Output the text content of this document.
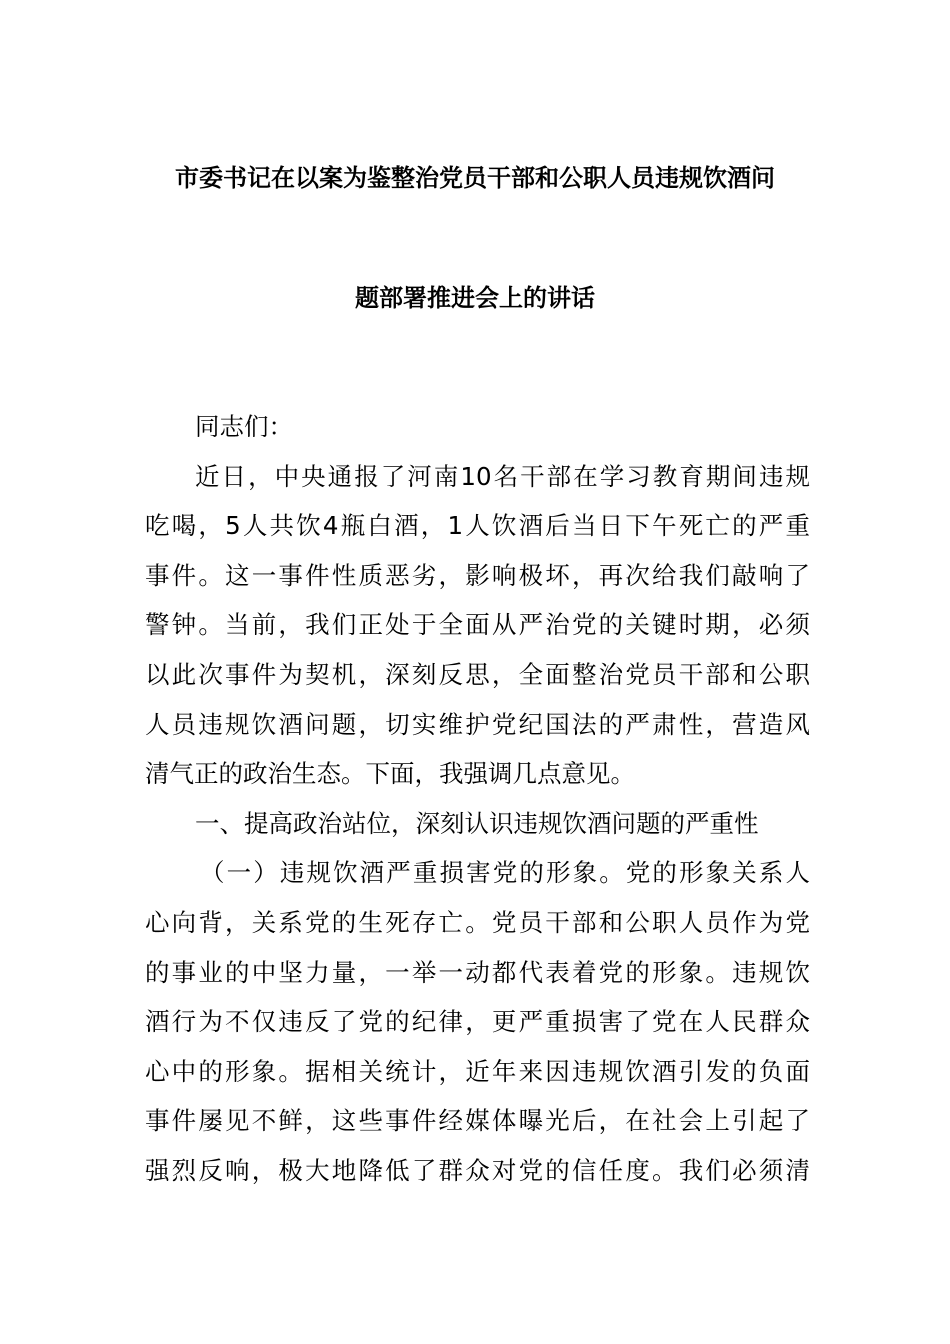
市委书记在以案为鉴整治党员干部和公职人员违规饮酒问
题部署推进会上的讲话
同志们：
近日，中央通报了河南10名干部在学习教育期间违规
吃喝，5人共饮4瓶白酒，1人饮酒后当日下午死亡的严重
事件。这一事件性质恶劣，影响极坏，再次给我们敲响了
警钟。当前，我们正处于全面从严治党的关键时期，必须
以此次事件为契机，深刻反思，全面整治党员干部和公职
人员违规饮酒问题，切实维护党纪国法的严肃性，营造风
清气正的政治生态。下面，我强调几点意见。
一、提高政治站位，深刻认识违规饮酒问题的严重性
（一）违规饮酒严重损害党的形象。党的形象关系人
心向背，关系党的生死存亡。党员干部和公职人员作为党
的事业的中坚力量，一举一动都代表着党的形象。违规饮
酒行为不仅违反了党的纪律，更严重损害了党在人民群众
心中的形象。据相关统计，近年来因违规饮酒引发的负面
事件屡见不鲜，这些事件经媒体曝光后，在社会上引起了
强烈反响，极大地降低了群众对党的信任度。我们必须清
